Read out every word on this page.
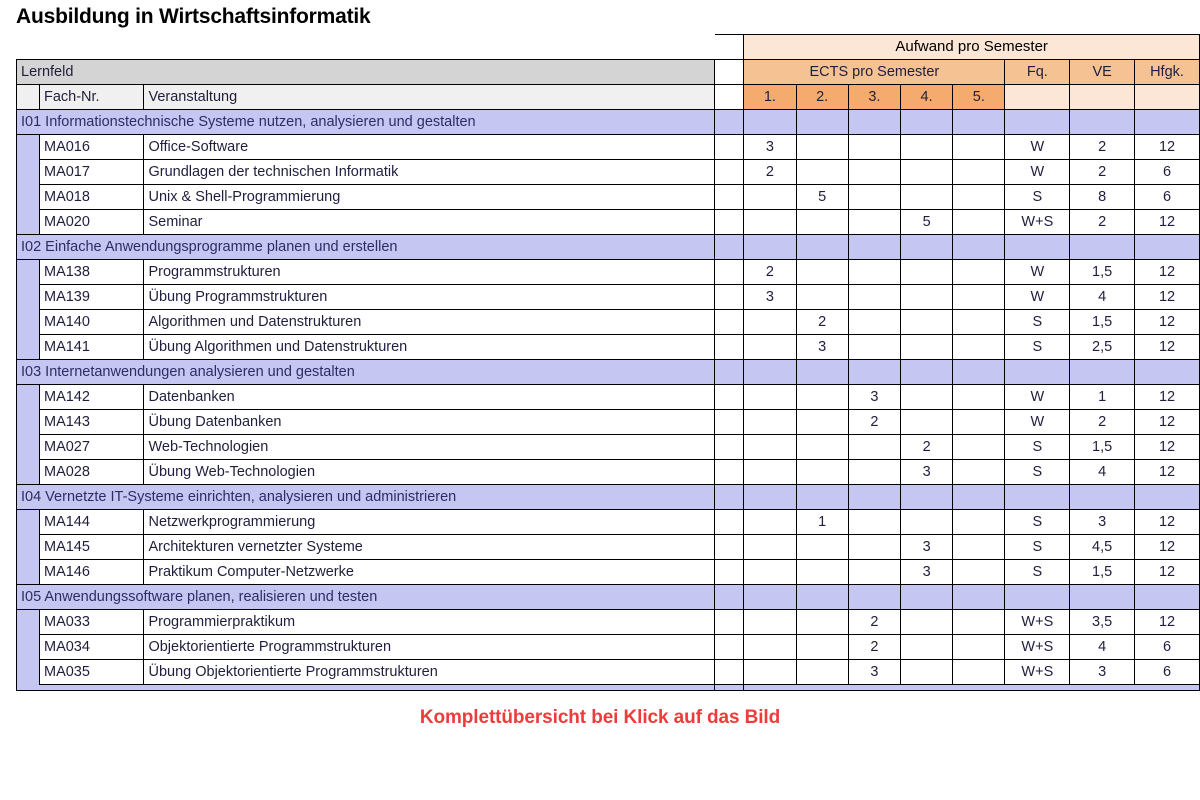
Ausbildung in Wirtschaftsinformatik
				Aufwand pro Semester							
Lernfeld				ECTS pro Semester					Fq.	VE	Hfgk.
	Fach-Nr.	Veranstaltung		1.	2.	3.	4.	5.			
I01 Informationstechnische Systeme nutzen, analysieren und gestalten											
	MA016	Office-Software		3					W	2	12
	MA017	Grundlagen der technischen Informatik		2					W	2	6
	MA018	Unix & Shell-Programmierung			5				S	8	6
	MA020	Seminar					5		W+S	2	12
I02 Einfache Anwendungsprogramme planen und erstellen											
	MA138	Programmstrukturen		2					W	1,5	12
	MA139	Übung Programmstrukturen		3					W	4	12
	MA140	Algorithmen und Datenstrukturen			2				S	1,5	12
	MA141	Übung Algorithmen und Datenstrukturen			3				S	2,5	12
I03 Internetanwendungen analysieren und gestalten											
	MA142	Datenbanken				3			W	1	12
	MA143	Übung Datenbanken				2			W	2	12
	MA027	Web-Technologien					2		S	1,5	12
	MA028	Übung Web-Technologien					3		S	4	12
I04 Vernetzte IT-Systeme einrichten, analysieren und administrieren											
	MA144	Netzwerkprogrammierung			1				S	3	12
	MA145	Architekturen vernetzter Systeme					3		S	4,5	12
	MA146	Praktikum Computer-Netzwerke					3		S	1,5	12
I05 Anwendungssoftware planen, realisieren und testen											
	MA033	Programmierpraktikum				2			W+S	3,5	12
	MA034	Objektorientierte Programmstrukturen				2			W+S	4	6
	MA035	Übung Objektorientierte Programmstrukturen				3			W+S	3	6

Komplettübersicht bei Klick auf das Bild
